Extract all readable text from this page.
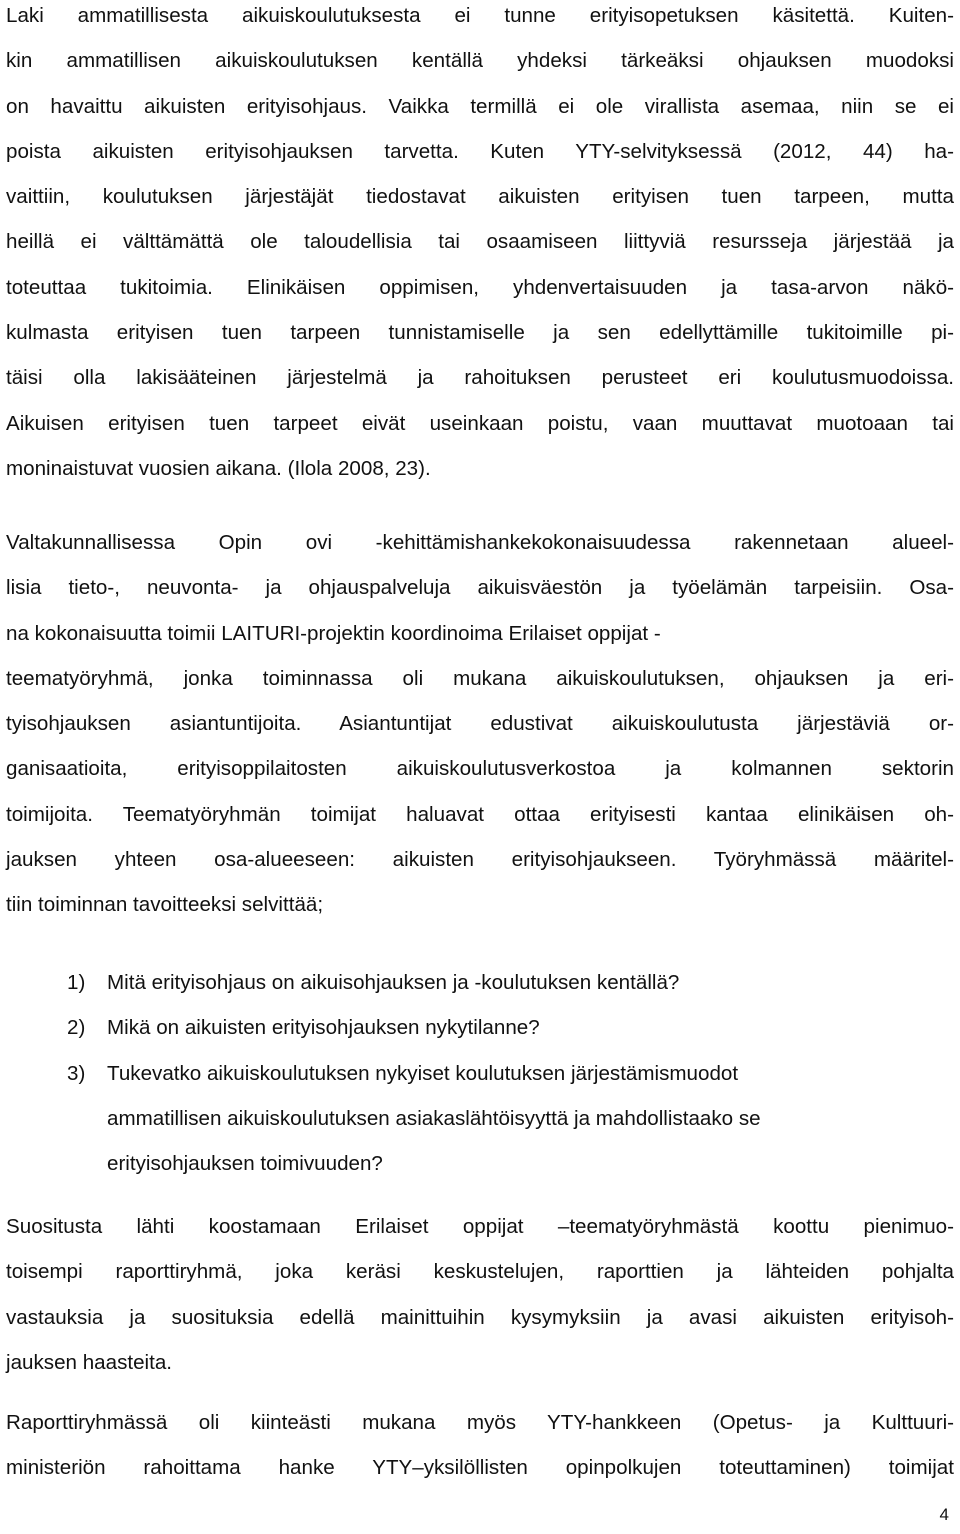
Laki ammatillisesta aikuiskoulutuksesta ei tunne erityisopetuksen käsitettä. Kuiten-
kin ammatillisen aikuiskoulutuksen kentällä yhdeksi tärkeäksi ohjauksen muodoksi
on havaittu aikuisten erityisohjaus. Vaikka termillä ei ole virallista asemaa, niin se ei
poista aikuisten erityisohjauksen tarvetta. Kuten YTY-selvityksessä (2012, 44) ha-
vaittiin, koulutuksen järjestäjät tiedostavat aikuisten erityisen tuen tarpeen, mutta
heillä ei välttämättä ole taloudellisia tai osaamiseen liittyviä resursseja järjestää ja
toteuttaa tukitoimia. Elinikäisen oppimisen, yhdenvertaisuuden ja tasa-arvon näkö-
kulmasta erityisen tuen tarpeen tunnistamiselle ja sen edellyttämille tukitoimille pi-
täisi olla lakisääteinen järjestelmä ja rahoituksen perusteet eri koulutusmuodoissa.
Aikuisen erityisen tuen tarpeet eivät useinkaan poistu, vaan muuttavat muotoaan tai
moninaistuvat vuosien aikana. (Ilola 2008, 23).

Valtakunnallisessa Opin ovi -kehittämishankekokonaisuudessa rakennetaan alueel-
lisia tieto-, neuvonta- ja ohjauspalveluja aikuisväestön ja työelämän tarpeisiin. Osa-
na kokonaisuutta toimii LAITURI-projektin koordinoima Erilaiset oppijat -
teematyöryhmä, jonka toiminnassa oli mukana aikuiskoulutuksen, ohjauksen ja eri-
tyisohjauksen asiantuntijoita. Asiantuntijat edustivat aikuiskoulutusta järjestäviä or-
ganisaatioita, erityisoppilaitosten aikuiskoulutusverkostoa ja kolmannen sektorin
toimijoita. Teematyöryhmän toimijat haluavat ottaa erityisesti kantaa elinikäisen oh-
jauksen yhteen osa-alueeseen: aikuisten erityisohjaukseen. Työryhmässä määritel-
tiin toiminnan tavoitteeksi selvittää;

1) Mitä erityisohjaus on aikuisohjauksen ja -koulutuksen kentällä?
2) Mikä on aikuisten erityisohjauksen nykytilanne?
3) Tukevatko aikuiskoulutuksen nykyiset koulutuksen järjestämismuodot
ammatillisen aikuiskoulutuksen asiakaslähtöisyyttä ja mahdollistaako se
erityisohjauksen toimivuuden?

Suositusta lähti koostamaan Erilaiset oppijat –teematyöryhmästä koottu pienimuo-
toisempi raporttiryhmä, joka keräsi keskustelujen, raporttien ja lähteiden pohjalta
vastauksia ja suosituksia edellä mainittuihin kysymyksiin ja avasi aikuisten erityisoh-
jauksen haasteita.

Raporttiryhmässä oli kiinteästi mukana myös YTY-hankkeen (Opetus- ja Kulttuuri-
ministeriön rahoittama hanke YTY–yksilöllisten opinpolkujen toteuttaminen) toimijat

4
